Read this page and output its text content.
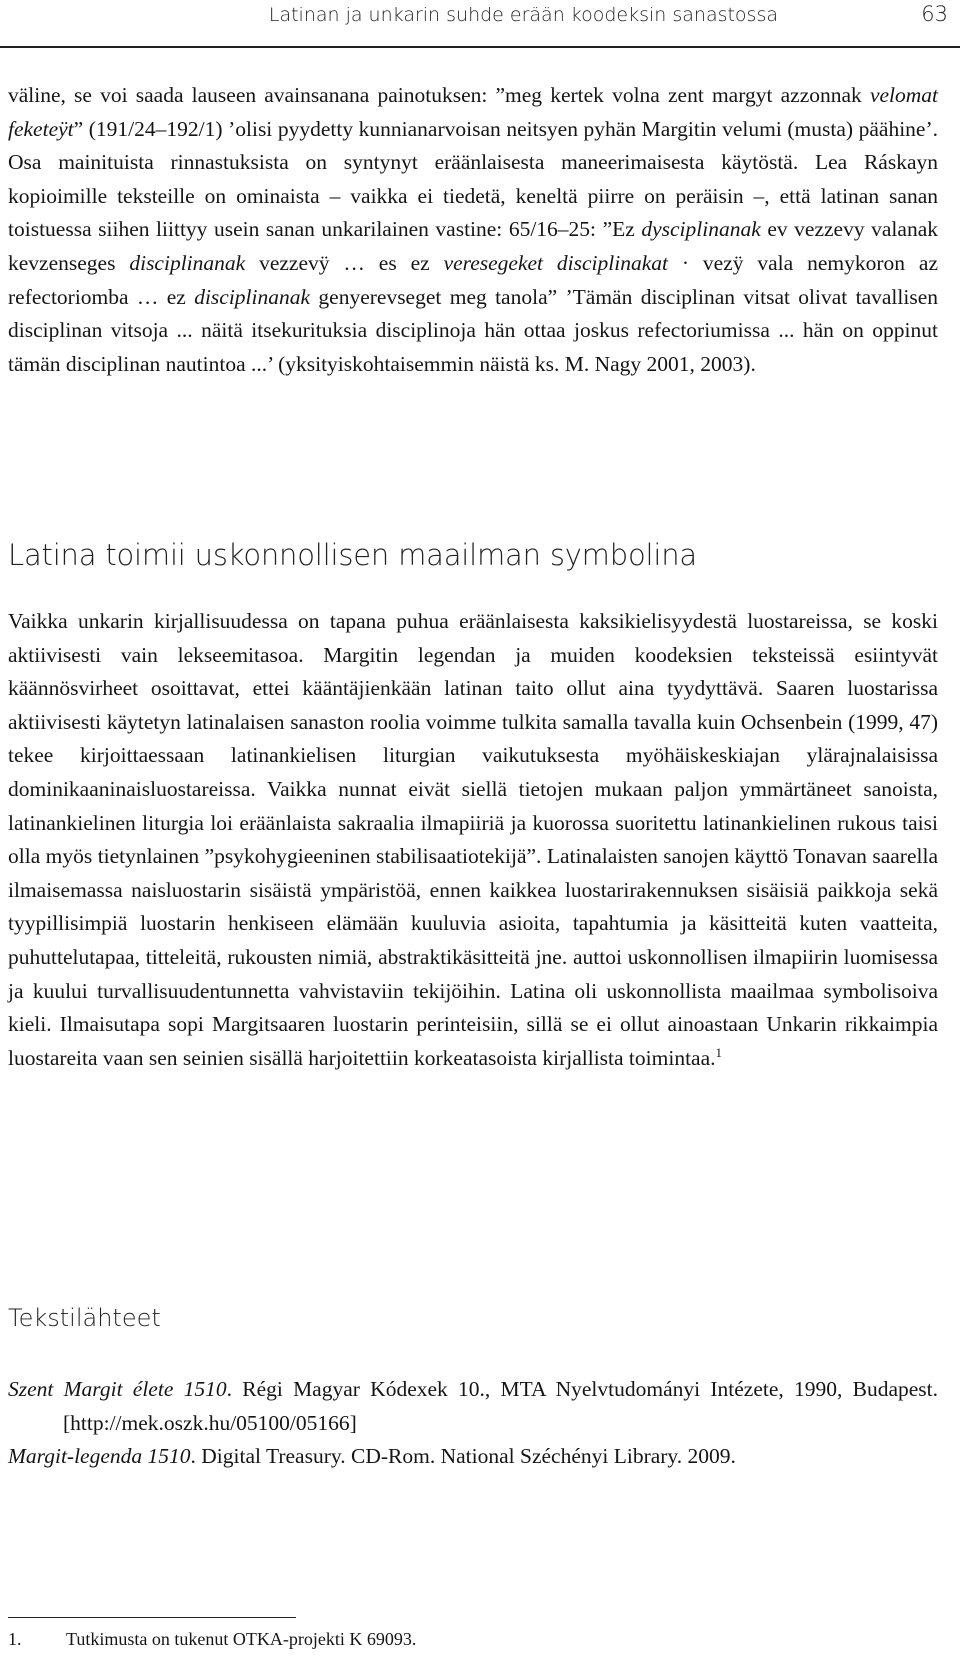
Latinan ja unkarin suhde erään koodeksin sanastossa	63

väline, se voi saada lauseen avainsanana painotuksen: ”meg kertek volna zent margyt azzonnak velomat feketeÿt” (191/24–192/1) ’olisi pyydetty kunnianarvoisan neitsyen pyhän Margitin velumi (musta) päähine’. Osa mainituista rinnastuksista on syntynyt eräänlaisesta maneerimaisesta käytöstä. Lea Ráskayn kopioimille teksteille on ominaista – vaikka ei tiedetä, keneltä piirre on peräisin –, että latinan sanan toistuessa siihen liittyy usein sanan unkarilainen vastine: 65/16–25: ”Ez dysciplinanak ev vezzevy valanak kevzenseges disciplinanak vezzevÿ … es ez veresegeket disciplinakat · vezÿ vala nemykoron az refectoriomba … ez disciplinanak genyerevseget meg tanola” ’Tämän disciplinan vitsat olivat tavallisen disciplinan vitsoja ... näitä itsekurituksia disciplinoja hän ottaa joskus refectoriumissa ... hän on oppinut tämän disciplinan nautintoa ...’ (yksityiskohtaisemmin näistä ks. M. Nagy 2001, 2003).

Latina toimii uskonnollisen maailman symbolina

Vaikka unkarin kirjallisuudessa on tapana puhua eräänlaisesta kaksikielisyydestä luostareissa, se koski aktiivisesti vain lekseemitasoa. Margitin legendan ja muiden koodeksien teksteissä esiintyvät käännösvirheet osoittavat, ettei kääntäjienkään latinan taito ollut aina tyydyttävä. Saaren luostarissa aktiivisesti käytetyn latinalaisen sanaston roolia voimme tulkita samalla tavalla kuin Ochsenbein (1999, 47) tekee kirjoittaessaan latinankielisen liturgian vaikutuksesta myöhäiskeskiajan ylärajnalaisissa dominikaaninaisluostareissa. Vaikka nunnat eivät siellä tietojen mukaan paljon ymmärtäneet sanoista, latinankielinen liturgia loi eräänlaista sakraalia ilmapiiriä ja kuorossa suoritettu latinankielinen rukous taisi olla myös tietynlainen ”psykohygieeninen stabilisaatiotekijä”. Latinalaisten sanojen käyttö Tonavan saarella ilmaisemassa naisluostarin sisäistä ympäristöä, ennen kaikkea luostarirakennuksen sisäisiä paikkoja sekä tyypillisimpiä luostarin henkiseen elämään kuuluvia asioita, tapahtumia ja käsitteitä kuten vaatteita, puhuttelutapaa, titteleitä, rukousten nimiä, abstraktikäsitteitä jne. auttoi uskonnollisen ilmapiirin luomisessa ja kuului turvallisuudentunnetta vahvistaviin tekijöihin. Latina oli uskonnollista maailmaa symbolisoiva kieli. Ilmaisutapa sopi Margitsaaren luostarin perinteisiin, sillä se ei ollut ainoastaan Unkarin rikkaimpia luostareita vaan sen seinien sisällä harjoitettiin korkeatasoista kirjallista toimintaa.$^1$

Tekstilähteet
Szent Margit élete 1510. Régi Magyar Kódexek 10., MTA Nyelvtudományi Intézete, 1990, Budapest. [http://mek.oszk.hu/05100/05166]
Margit-legenda 1510. Digital Treasury. CD-Rom. National Széchényi Library. 2009.
1. Tutkimusta on tukenut OTKA-projekti K 69093.
